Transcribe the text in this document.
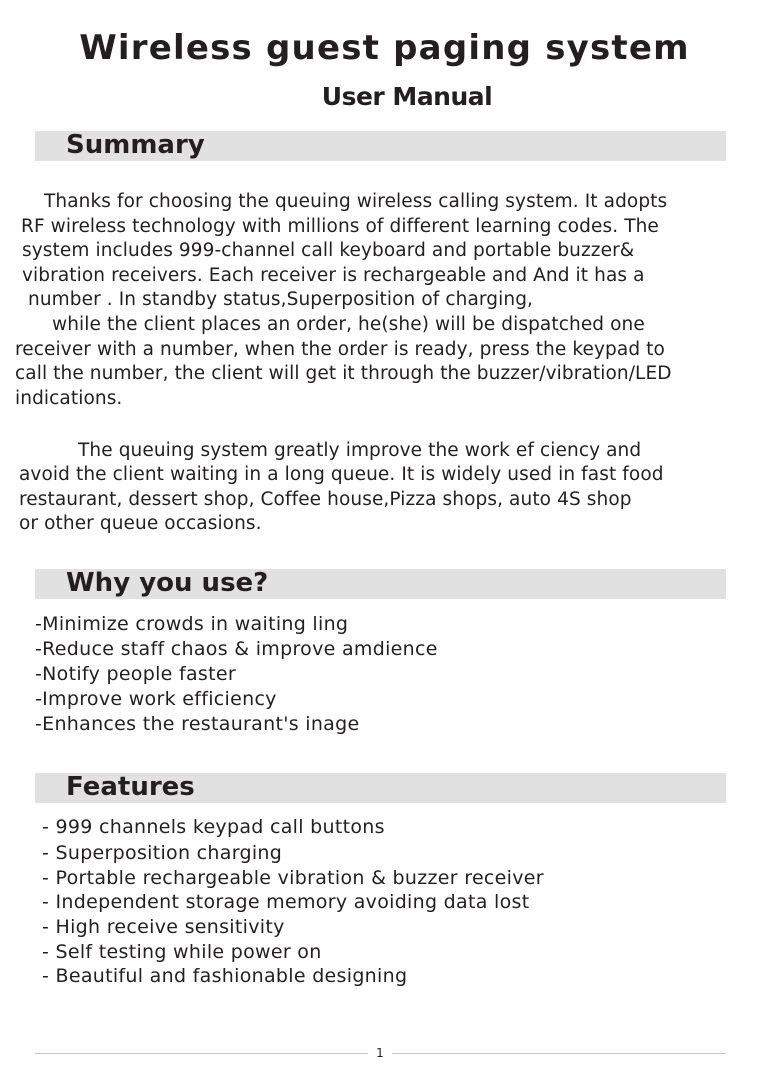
Wireless guest paging system
User Manual
Summary
Thanks for choosing the queuing wireless calling system. It adopts
RF wireless technology with millions of different learning codes. The
system includes 999-channel call keyboard and portable buzzer&
vibration receivers. Each receiver is rechargeable and And it has a
number . In standby status,Superposition of charging,
while the client places an order, he(she) will be dispatched one
receiver with a number, when the order is ready, press the keypad to
call the number, the client will get it through the buzzer/vibration/LED
indications.
The queuing system greatly improve the work ef ciency and
avoid the client waiting in a long queue. It is widely used in fast food
restaurant, dessert shop, Coffee house,Pizza shops, auto 4S shop
or other queue occasions.
Why you use?
-Minimize crowds in waiting ling
-Reduce staff chaos & improve amdience
-Notify people faster
-Improve work efficiency
-Enhances the restaurant's inage
Features
- 999 channels keypad call buttons
- Superposition charging
- Portable rechargeable vibration & buzzer receiver
- Independent storage memory avoiding data lost
- High receive sensitivity
- Self testing while power on
- Beautiful and fashionable designing
1
